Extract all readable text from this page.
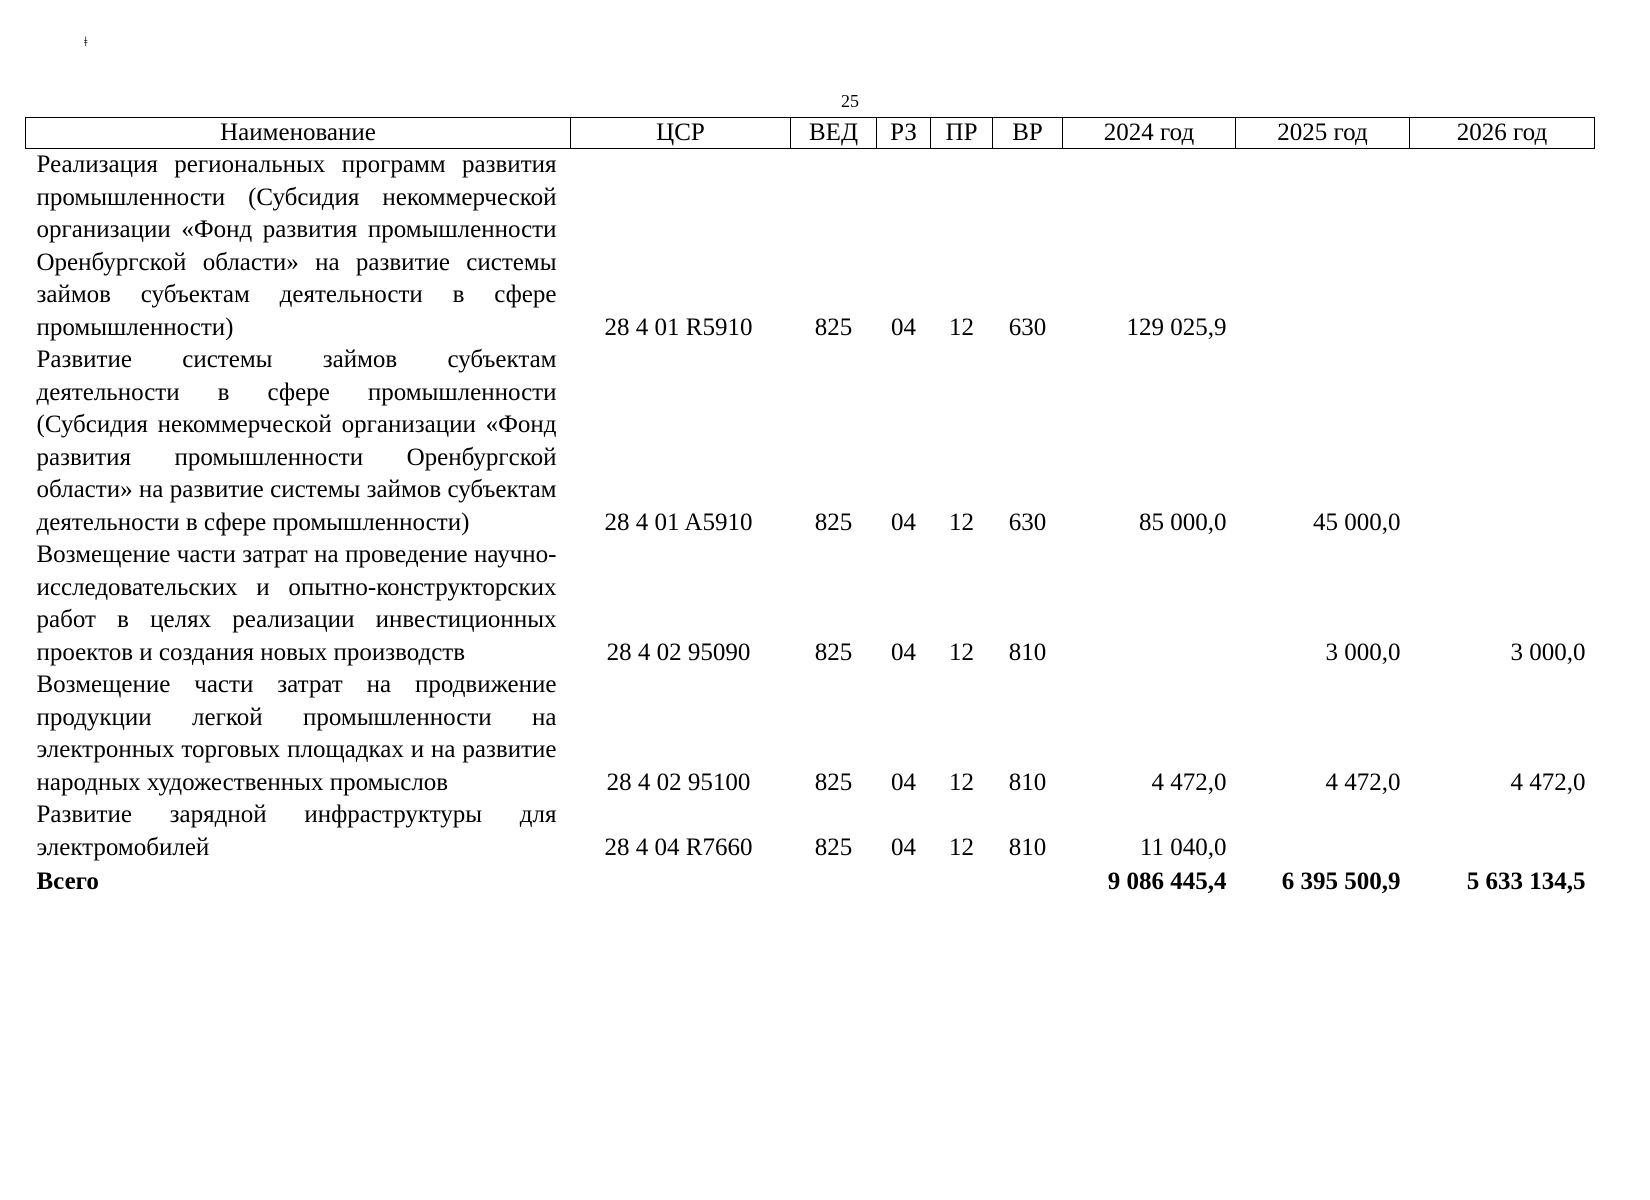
ǂ
25
Наименование	ЦСР	ВЕД	РЗ	ПР	ВР	2024 год	2025 год	2026 год
Реализация региональных программ развития промышленности (Субсидия некоммерческой организации «Фонд развития промышленности Оренбургской области» на развитие системы займов субъектам деятельности в сфере промышленности)	28 4 01 R5910	825	04	12	630	129 025,9		
Развитие системы займов субъектам деятельности в сфере промышленности (Субсидия некоммерческой организации «Фонд развития промышленности Оренбургской области» на развитие системы займов субъектам деятельности в сфере промышленности)	28 4 01 A5910	825	04	12	630	85 000,0	45 000,0	
Возмещение части затрат на проведение научно-исследовательских и опытно-конструкторских работ в целях реализации инвестиционных проектов и создания новых производств	28 4 02 95090	825	04	12	810		3 000,0	3 000,0
Возмещение части затрат на продвижение продукции легкой промышленности на электронных торговых площадках и на развитие народных художественных промыслов	28 4 02 95100	825	04	12	810	4 472,0	4 472,0	4 472,0
Развитие зарядной инфраструктуры для электромобилей	28 4 04 R7660	825	04	12	810	11 040,0		
Всего						9 086 445,4	6 395 500,9	5 633 134,5
